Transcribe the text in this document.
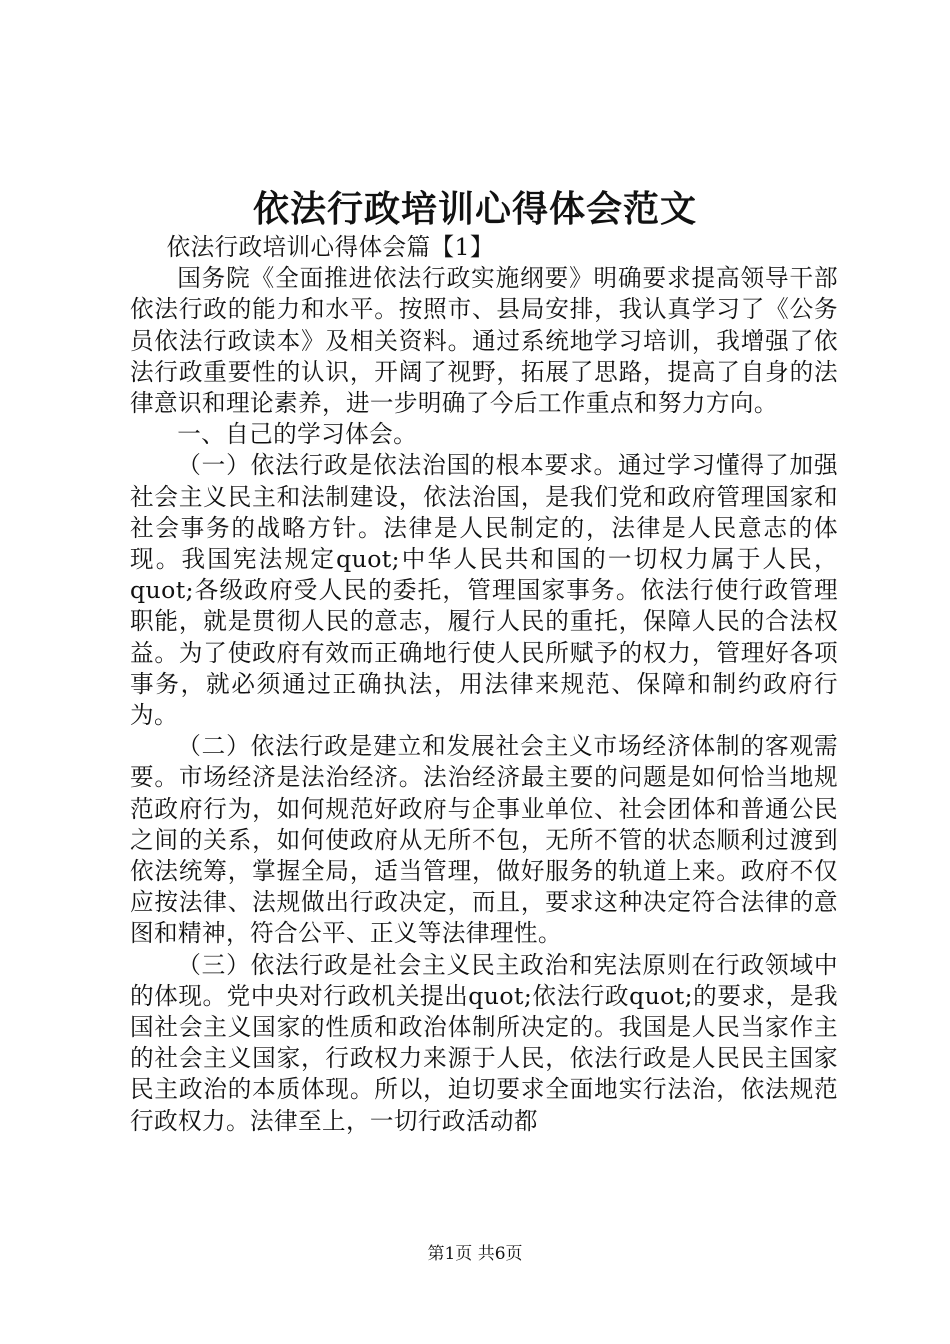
依法行政培训心得体会范文

依法行政培训心得体会篇【1】

国务院《全面推进依法行政实施纲要》明确要求提高领导干部依法行政的能力和水平。按照市、县局安排，我认真学习了《公务员依法行政读本》及相关资料。通过系统地学习培训，我增强了依法行政重要性的认识，开阔了视野，拓展了思路，提高了自身的法律意识和理论素养，进一步明确了今后工作重点和努力方向。

一、自己的学习体会。

（一）依法行政是依法治国的根本要求。通过学习懂得了加强社会主义民主和法制建设，依法治国，是我们党和政府管理国家和社会事务的战略方针。法律是人民制定的，法律是人民意志的体现。我国宪法规定quot;中华人民共和国的一切权力属于人民，quot;各级政府受人民的委托，管理国家事务。依法行使行政管理职能，就是贯彻人民的意志，履行人民的重托，保障人民的合法权益。为了使政府有效而正确地行使人民所赋予的权力，管理好各项事务，就必须通过正确执法，用法律来规范、保障和制约政府行为。

（二）依法行政是建立和发展社会主义市场经济体制的客观需要。市场经济是法治经济。法治经济最主要的问题是如何恰当地规范政府行为，如何规范好政府与企事业单位、社会团体和普通公民之间的关系，如何使政府从无所不包，无所不管的状态顺利过渡到依法统筹，掌握全局，适当管理，做好服务的轨道上来。政府不仅应按法律、法规做出行政决定，而且，要求这种决定符合法律的意图和精神，符合公平、正义等法律理性。

（三）依法行政是社会主义民主政治和宪法原则在行政领域中的体现。党中央对行政机关提出quot;依法行政quot;的要求，是我国社会主义国家的性质和政治体制所决定的。我国是人民当家作主的社会主义国家，行政权力来源于人民，依法行政是人民民主国家民主政治的本质体现。所以，迫切要求全面地实行法治，依法规范行政权力。法律至上，一切行政活动都

第1页 共6页
